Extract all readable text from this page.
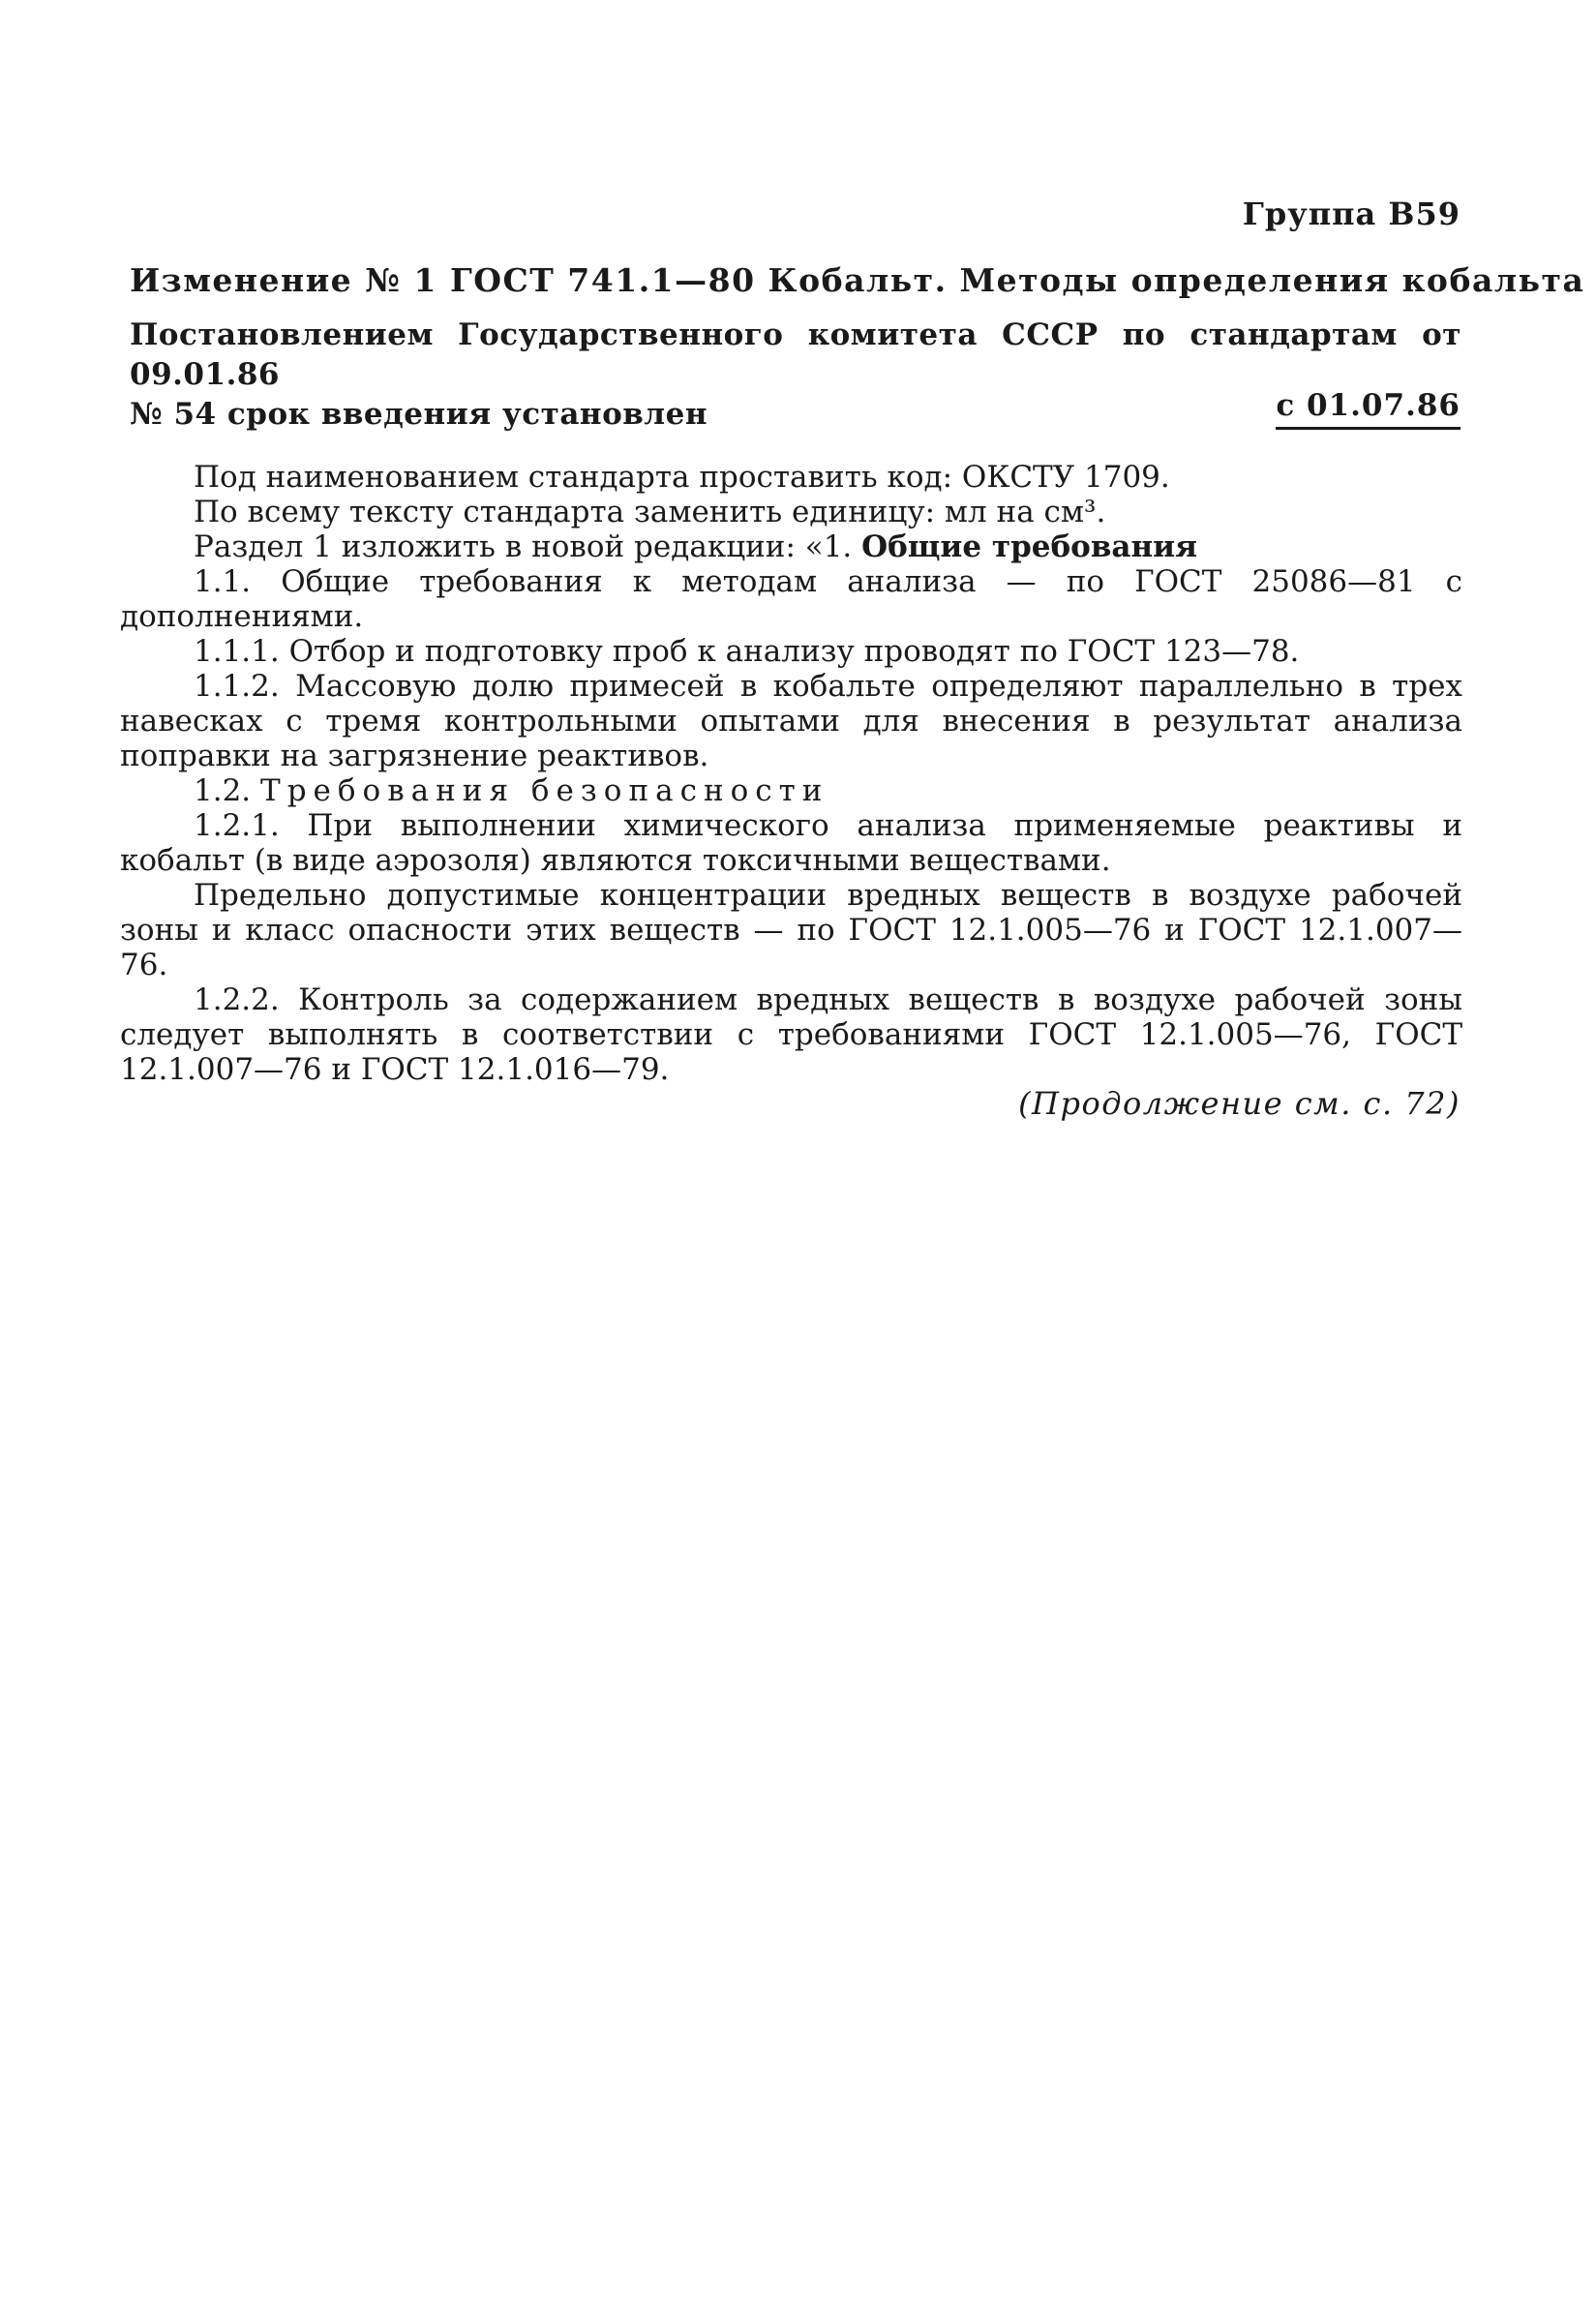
Группа В59
Изменение № 1 ГОСТ 741.1—80 Кобальт. Методы определения кобальта
Постановлением Государственного комитета СССР по стандартам от 09.01.86
№ 54 срок введения установлен	с 01.07.86

Под наименованием стандарта проставить код: ОКСТУ 1709.

По всему тексту стандарта заменить единицу: мл на см³.

Раздел 1 изложить в новой редакции: «1. Общие требования

1.1. Общие требования к методам анализа — по ГОСТ 25086—81 с дополнениями.

1.1.1. Отбор и подготовку проб к анализу проводят по ГОСТ 123—78.

1.1.2. Массовую долю примесей в кобальте определяют параллельно в трех навесках с тремя контрольными опытами для внесения в результат анализа поправки на загрязнение реактивов.

1.2. Требования безопасности

1.2.1. При выполнении химического анализа применяемые реактивы и кобальт (в виде аэрозоля) являются токсичными веществами.

Предельно допустимые концентрации вредных веществ в воздухе рабочей зоны и класс опасности этих веществ — по ГОСТ 12.1.005—76 и ГОСТ 12.1.007—76.

1.2.2. Контроль за содержанием вредных веществ в воздухе рабочей зоны следует выполнять в соответствии с требованиями ГОСТ 12.1.005—76, ГОСТ 12.1.007—76 и ГОСТ 12.1.016—79.

(Продолжение см. с. 72)
